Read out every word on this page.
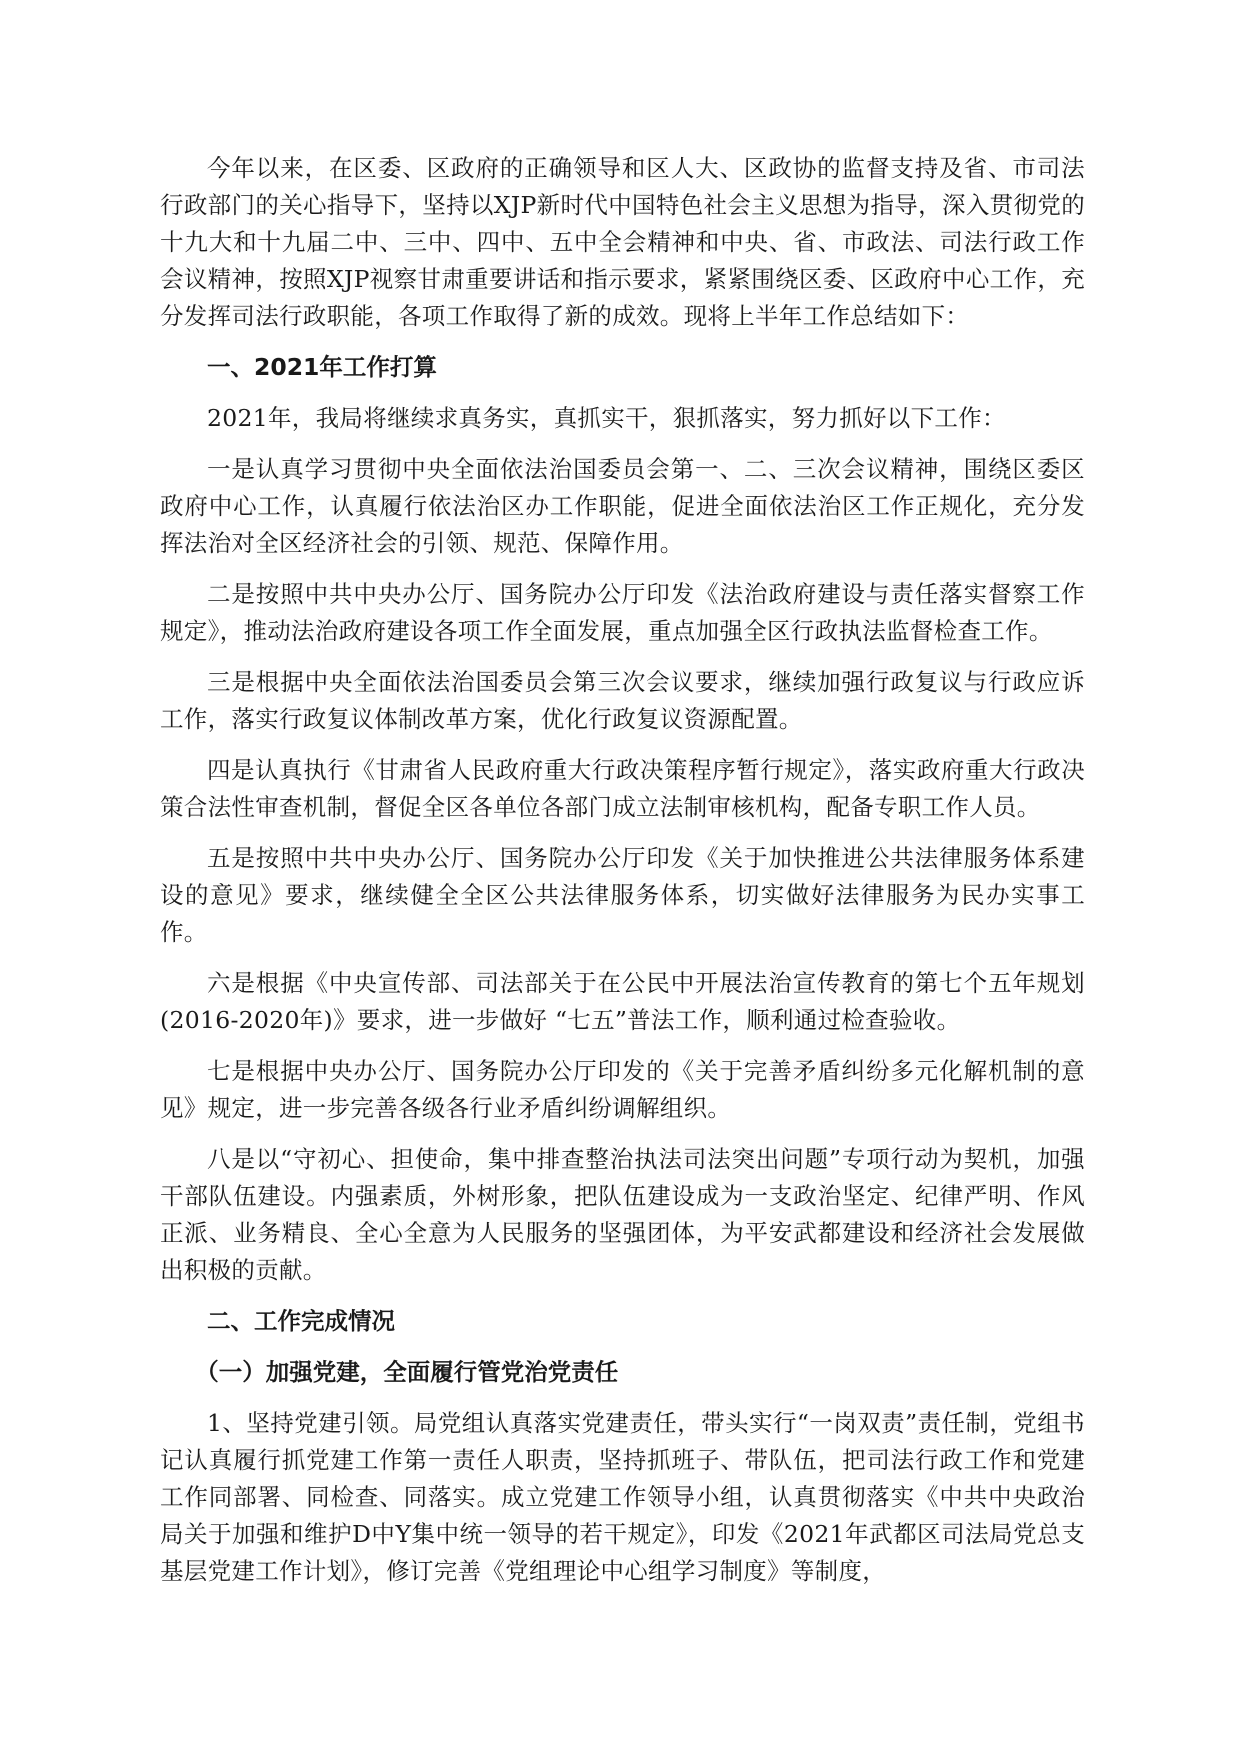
今年以来，在区委、区政府的正确领导和区人大、区政协的监督支持及省、市司法行政部门的关心指导下，坚持以XJP新时代中国特色社会主义思想为指导，深入贯彻党的十九大和十九届二中、三中、四中、五中全会精神和中央、省、市政法、司法行政工作会议精神，按照XJP视察甘肃重要讲话和指示要求，紧紧围绕区委、区政府中心工作，充分发挥司法行政职能，各项工作取得了新的成效。现将上半年工作总结如下：

一、2021年工作打算

2021年，我局将继续求真务实，真抓实干，狠抓落实，努力抓好以下工作：

一是认真学习贯彻中央全面依法治国委员会第一、二、三次会议精神，围绕区委区政府中心工作，认真履行依法治区办工作职能，促进全面依法治区工作正规化，充分发挥法治对全区经济社会的引领、规范、保障作用。

二是按照中共中央办公厅、国务院办公厅印发《法治政府建设与责任落实督察工作规定》，推动法治政府建设各项工作全面发展，重点加强全区行政执法监督检查工作。

三是根据中央全面依法治国委员会第三次会议要求，继续加强行政复议与行政应诉工作，落实行政复议体制改革方案，优化行政复议资源配置。

四是认真执行《甘肃省人民政府重大行政决策程序暂行规定》，落实政府重大行政决策合法性审查机制，督促全区各单位各部门成立法制审核机构，配备专职工作人员。

五是按照中共中央办公厅、国务院办公厅印发《关于加快推进公共法律服务体系建设的意见》要求，继续健全全区公共法律服务体系，切实做好法律服务为民办实事工作。

六是根据《中央宣传部、司法部关于在公民中开展法治宣传教育的第七个五年规划(2016-2020年)》要求，进一步做好 “七五”普法工作，顺利通过检查验收。

七是根据中央办公厅、国务院办公厅印发的《关于完善矛盾纠纷多元化解机制的意见》规定，进一步完善各级各行业矛盾纠纷调解组织。

八是以“守初心、担使命，集中排查整治执法司法突出问题”专项行动为契机，加强干部队伍建设。内强素质，外树形象，把队伍建设成为一支政治坚定、纪律严明、作风正派、业务精良、全心全意为人民服务的坚强团体，为平安武都建设和经济社会发展做出积极的贡献。

二、工作完成情况

（一）加强党建，全面履行管党治党责任

1、坚持党建引领。局党组认真落实党建责任，带头实行“一岗双责”责任制，党组书记认真履行抓党建工作第一责任人职责，坚持抓班子、带队伍，把司法行政工作和党建工作同部署、同检查、同落实。成立党建工作领导小组，认真贯彻落实《中共中央政治局关于加强和维护D中Y集中统一领导的若干规定》，印发《2021年武都区司法局党总支基层党建工作计划》，修订完善《党组理论中心组学习制度》等制度，
